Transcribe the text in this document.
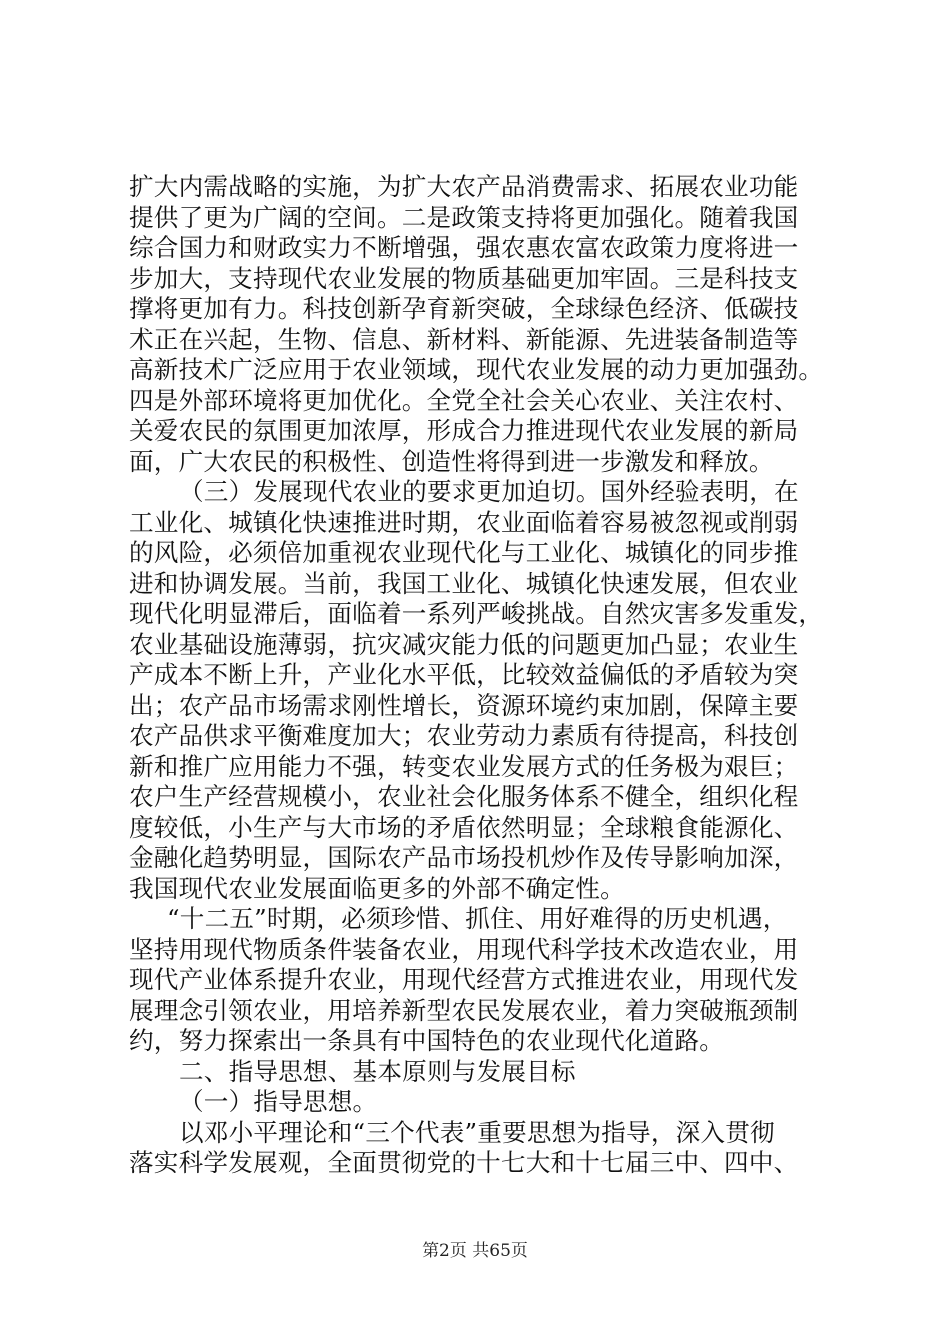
扩大内需战略的实施，为扩大农产品消费需求、拓展农业功能
提供了更为广阔的空间。二是政策支持将更加强化。随着我国
综合国力和财政实力不断增强，强农惠农富农政策力度将进一
步加大，支持现代农业发展的物质基础更加牢固。三是科技支
撑将更加有力。科技创新孕育新突破，全球绿色经济、低碳技
术正在兴起，生物、信息、新材料、新能源、先进装备制造等
高新技术广泛应用于农业领域，现代农业发展的动力更加强劲。
四是外部环境将更加优化。全党全社会关心农业、关注农村、
关爱农民的氛围更加浓厚，形成合力推进现代农业发展的新局
面，广大农民的积极性、创造性将得到进一步激发和释放。
（三）发展现代农业的要求更加迫切。国外经验表明，在
工业化、城镇化快速推进时期，农业面临着容易被忽视或削弱
的风险，必须倍加重视农业现代化与工业化、城镇化的同步推
进和协调发展。当前，我国工业化、城镇化快速发展，但农业
现代化明显滞后，面临着一系列严峻挑战。自然灾害多发重发，
农业基础设施薄弱，抗灾减灾能力低的问题更加凸显；农业生
产成本不断上升，产业化水平低，比较效益偏低的矛盾较为突
出；农产品市场需求刚性增长，资源环境约束加剧，保障主要
农产品供求平衡难度加大；农业劳动力素质有待提高，科技创
新和推广应用能力不强，转变农业发展方式的任务极为艰巨；
农户生产经营规模小，农业社会化服务体系不健全，组织化程
度较低，小生产与大市场的矛盾依然明显；全球粮食能源化、
金融化趋势明显，国际农产品市场投机炒作及传导影响加深，
我国现代农业发展面临更多的外部不确定性。
“十二五”时期，必须珍惜、抓住、用好难得的历史机遇，
坚持用现代物质条件装备农业，用现代科学技术改造农业，用
现代产业体系提升农业，用现代经营方式推进农业，用现代发
展理念引领农业，用培养新型农民发展农业，着力突破瓶颈制
约，努力探索出一条具有中国特色的农业现代化道路。
二、指导思想、基本原则与发展目标
（一）指导思想。
以邓小平理论和“三个代表”重要思想为指导，深入贯彻
落实科学发展观，全面贯彻党的十七大和十七届三中、四中、
第2页 共65页
